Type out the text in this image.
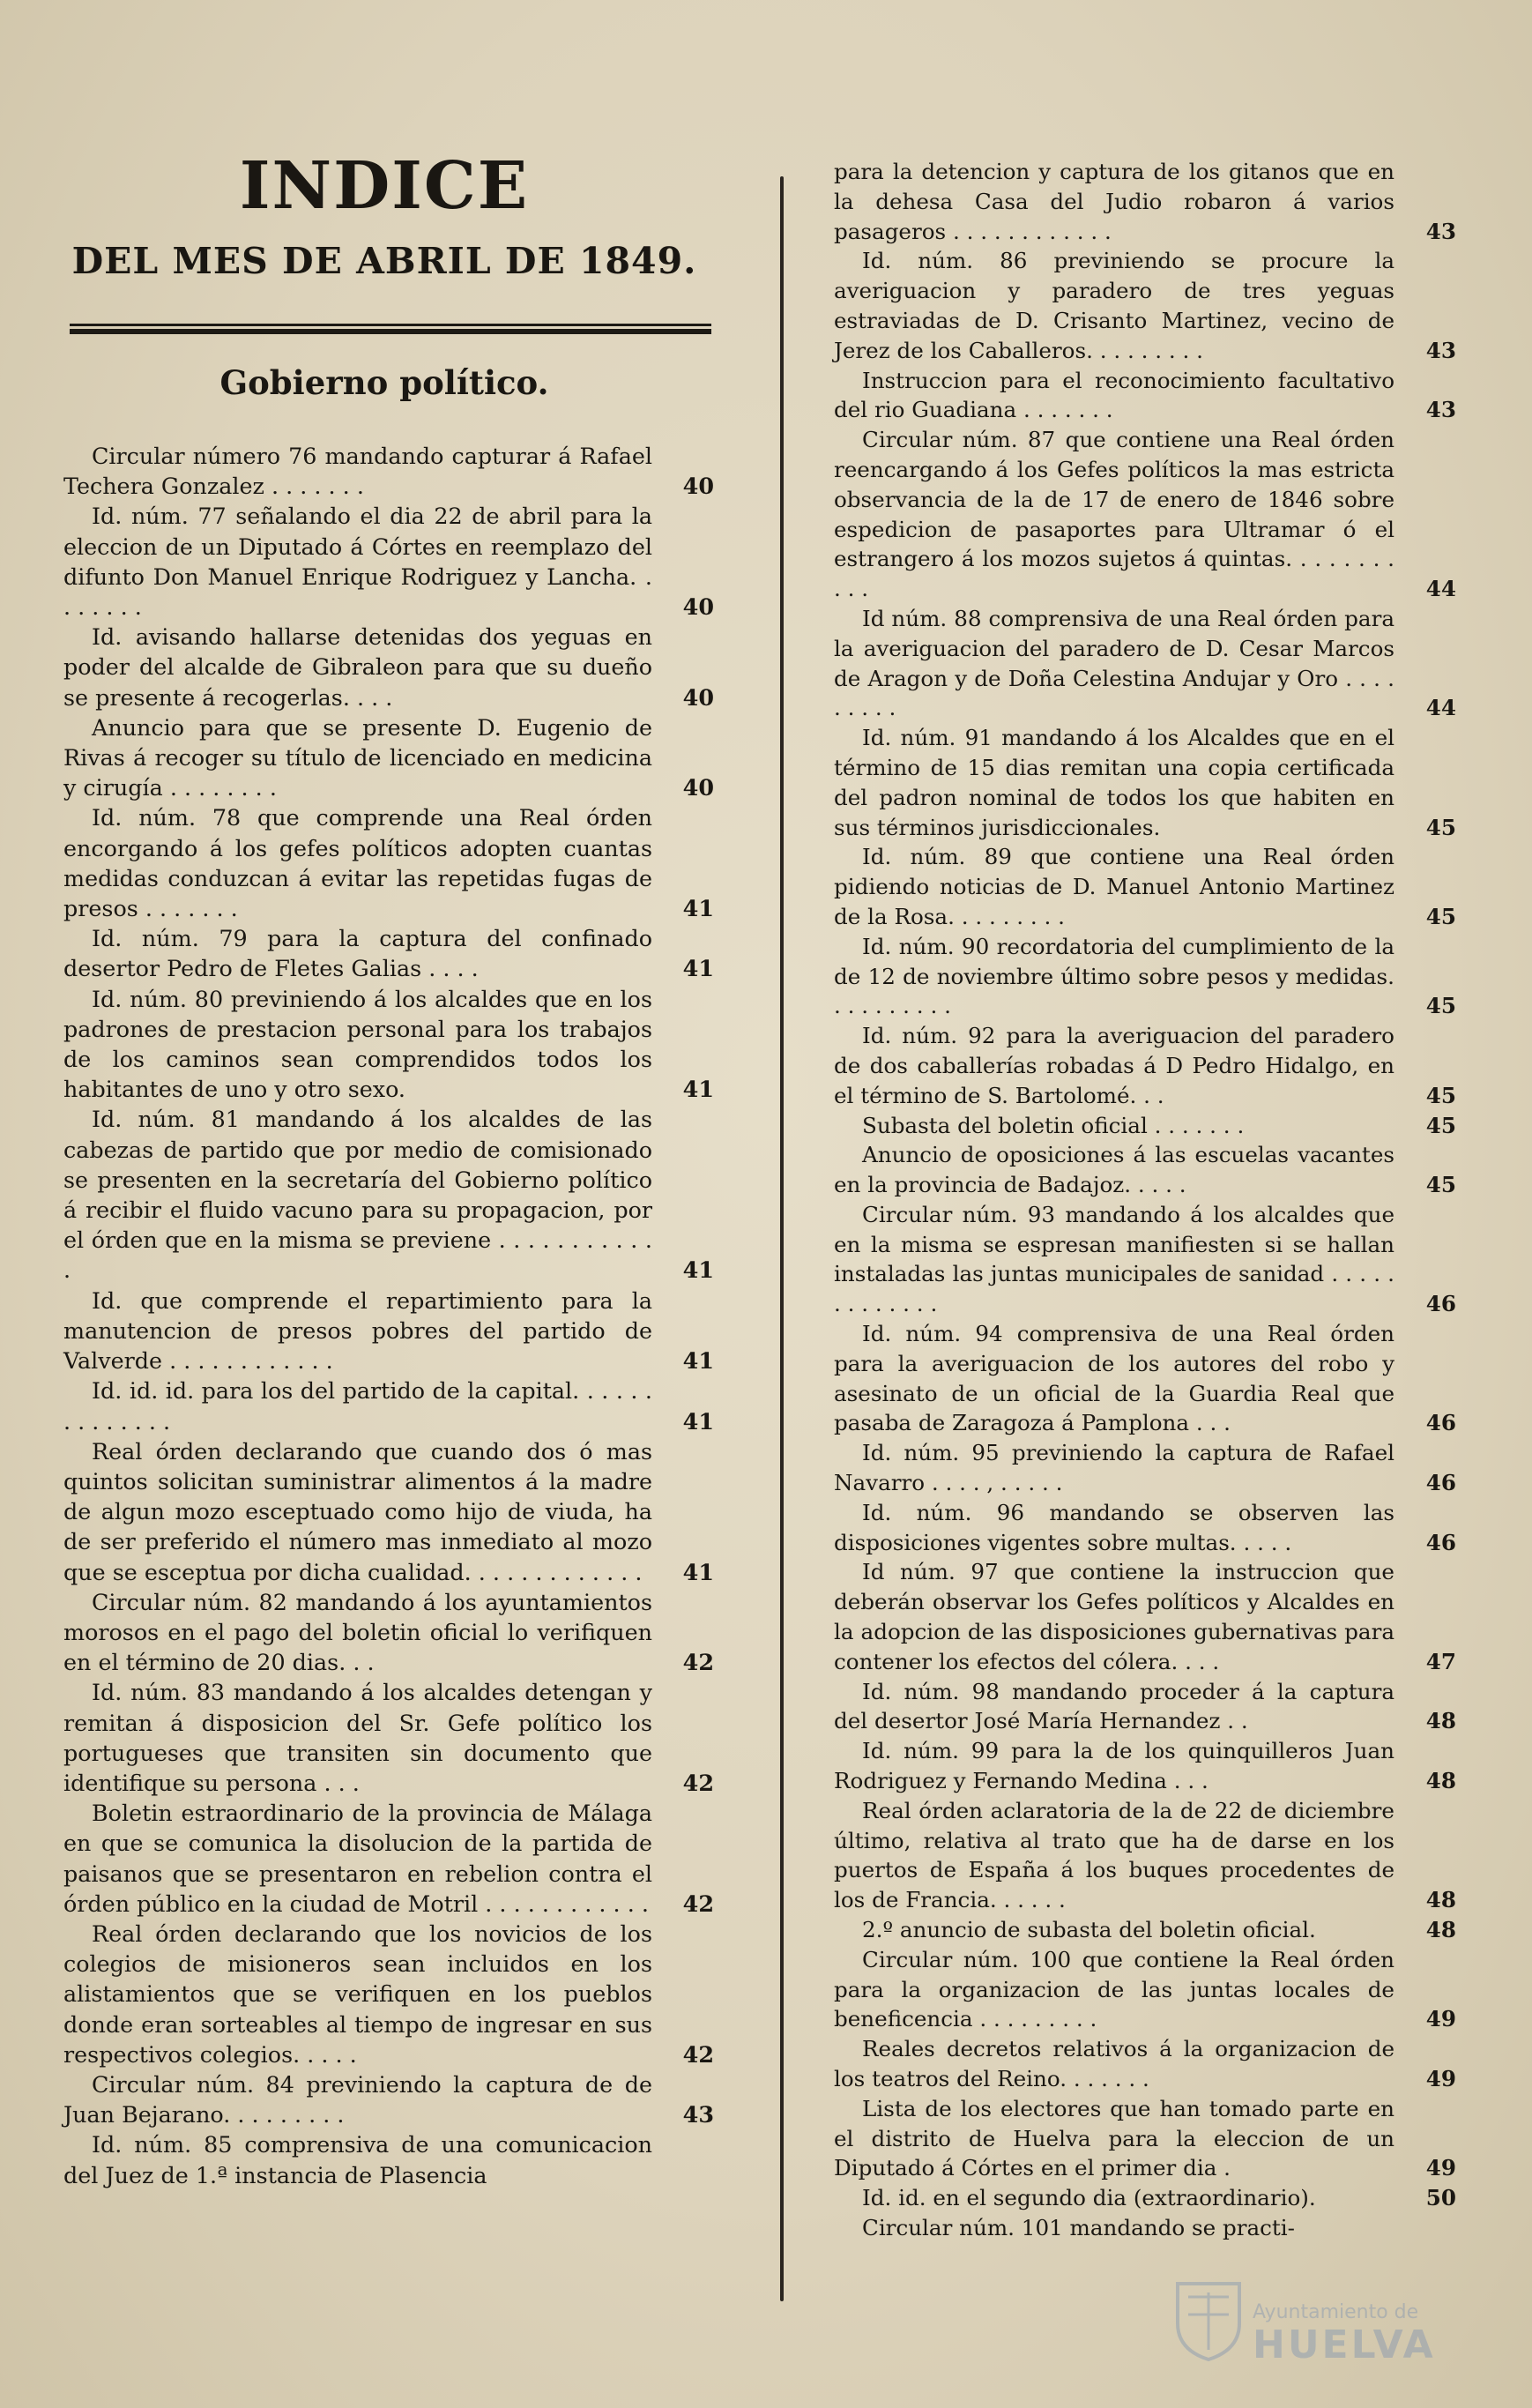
INDICE
DEL MES DE ABRIL DE 1849.
Gobierno político.
Circular número 76 mandando capturar á Rafael Techera Gonzalez . . . . . . .	40
Id. núm. 77 señalando el dia 22 de abril para la eleccion de un Diputado á Córtes en reemplazo del difunto Don Manuel Enrique Rodriguez y Lancha. . . . . . . .	40
Id. avisando hallarse detenidas dos yeguas en poder del alcalde de Gibraleon para que su dueño se presente á recogerlas. . . .	40
Anuncio para que se presente D. Eugenio de Rivas á recoger su título de licenciado en medicina y cirugía . . . . . . . .	40
Id. núm. 78 que comprende una Real órden encorgando á los gefes políticos adopten cuantas medidas conduzcan á evitar las repetidas fugas de presos . . . . . . .	41
Id. núm. 79 para la captura del confinado desertor Pedro de Fletes Galias . . . .	41
Id. núm. 80 previniendo á los alcaldes que en los padrones de prestacion personal para los trabajos de los caminos sean comprendidos todos los habitantes de uno y otro sexo.	41
Id. núm. 81 mandando á los alcaldes de las cabezas de partido que por medio de comisionado se presenten en la secretaría del Gobierno político á recibir el fluido vacuno para su propagacion, por el órden que en la misma se previene . . . . . . . . . . . .	41
Id. que comprende el repartimiento para la manutencion de presos pobres del partido de Valverde . . . . . . . . . . . .	41
Id. id. id. para los del partido de la capital. . . . . . . . . . . . . .	41
Real órden declarando que cuando dos ó mas quintos solicitan suministrar alimentos á la madre de algun mozo esceptuado como hijo de viuda, ha de ser preferido el número mas inmediato al mozo que se esceptua por dicha cualidad. . . . . . . . . . . . .	41
Circular núm. 82 mandando á los ayuntamientos morosos en el pago del boletin oficial lo verifiquen en el término de 20 dias. . .	42
Id. núm. 83 mandando á los alcaldes detengan y remitan á disposicion del Sr. Gefe político los portugueses que transiten sin documento que identifique su persona . . .	42
Boletin estraordinario de la provincia de Málaga en que se comunica la disolucion de la partida de paisanos que se presentaron en rebelion contra el órden público en la ciudad de Motril . . . . . . . . . . . .	42
Real órden declarando que los novicios de los colegios de misioneros sean incluidos en los alistamientos que se verifiquen en los pueblos donde eran sorteables al tiempo de ingresar en sus respectivos colegios. . . . .	42
Circular núm. 84 previniendo la captura de de Juan Bejarano. . . . . . . . .	43
Id. núm. 85 comprensiva de una comunicacion del Juez de 1.ª instancia de Plasencia
para la detencion y captura de los gitanos que en la dehesa Casa del Judio robaron á varios pasageros . . . . . . . . . . . .	43
Id. núm. 86 previniendo se procure la averiguacion y paradero de tres yeguas estraviadas de D. Crisanto Martinez, vecino de Jerez de los Caballeros. . . . . . . . .	43
Instruccion para el reconocimiento facultativo del rio Guadiana . . . . . . .	43
Circular núm. 87 que contiene una Real órden reencargando á los Gefes políticos la mas estricta observancia de la de 17 de enero de 1846 sobre espedicion de pasaportes para Ultramar ó el estrangero á los mozos sujetos á quintas. . . . . . . . . . .	44
Id núm. 88 comprensiva de una Real órden para la averiguacion del paradero de D. Cesar Marcos de Aragon y de Doña Celestina Andujar y Oro . . . . . . . . .	44
Id. núm. 91 mandando á los Alcaldes que en el término de 15 dias remitan una copia certificada del padron nominal de todos los que habiten en sus términos jurisdiccionales.	45
Id. núm. 89 que contiene una Real órden pidiendo noticias de D. Manuel Antonio Martinez de la Rosa. . . . . . . . .	45
Id. núm. 90 recordatoria del cumplimiento de la de 12 de noviembre último sobre pesos y medidas. . . . . . . . . .	45
Id. núm. 92 para la averiguacion del paradero de dos caballerías robadas á D Pedro Hidalgo, en el término de S. Bartolomé. . .	45
Subasta del boletin oficial . . . . . . .	45
Anuncio de oposiciones á las escuelas vacantes en la provincia de Badajoz. . . . .	45
Circular núm. 93 mandando á los alcaldes que en la misma se espresan manifiesten si se hallan instaladas las juntas municipales de sanidad . . . . . . . . . . . . .	46
Id. núm. 94 comprensiva de una Real órden para la averiguacion de los autores del robo y asesinato de un oficial de la Guardia Real que pasaba de Zaragoza á Pamplona . . .	46
Id. núm. 95 previniendo la captura de Rafael Navarro . . . . , . . . . .	46
Id. núm. 96 mandando se observen las disposiciones vigentes sobre multas. . . . .	46
Id núm. 97 que contiene la instruccion que deberán observar los Gefes políticos y Alcaldes en la adopcion de las disposiciones gubernativas para contener los efectos del cólera. . . .	47
Id. núm. 98 mandando proceder á la captura del desertor José María Hernandez . .	48
Id. núm. 99 para la de los quinquilleros Juan Rodriguez y Fernando Medina . . .	48
Real órden aclaratoria de la de 22 de diciembre último, relativa al trato que ha de darse en los puertos de España á los buques procedentes de los de Francia. . . . . .	48
2.º anuncio de subasta del boletin oficial.	48
Circular núm. 100 que contiene la Real órden para la organizacion de las juntas locales de beneficencia . . . . . . . . .	49
Reales decretos relativos á la organizacion de los teatros del Reino. . . . . . .	49
Lista de los electores que han tomado parte en el distrito de Huelva para la eleccion de un Diputado á Córtes en el primer dia .	49
Id. id. en el segundo dia (extraordinario).	50
Circular núm. 101 mandando se practi-
Ayuntamiento de
HUELVA
